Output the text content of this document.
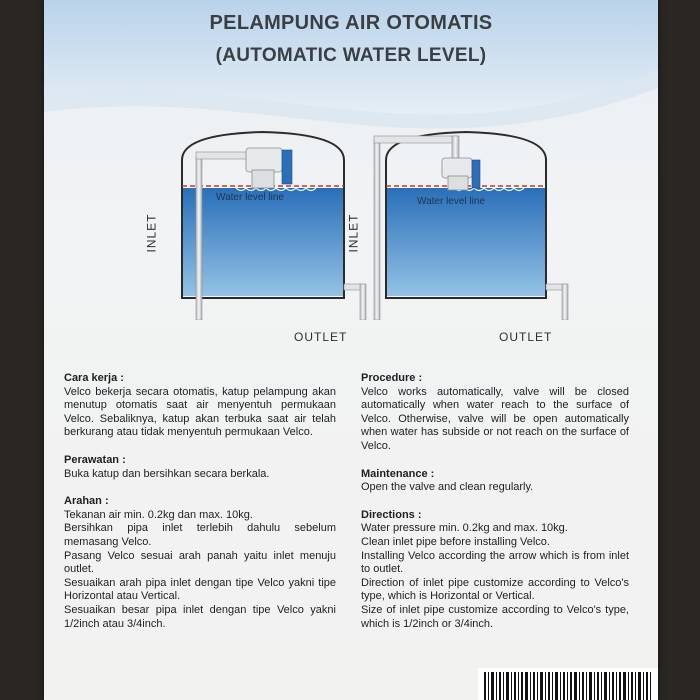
PELAMPUNG AIR OTOMATIS
(AUTOMATIC WATER LEVEL)
Water level line
INLET
OUTLET
Water level line
INLET
OUTLET

Cara kerja :

Velco bekerja secara otomatis, katup pelampung akan menutup otomatis saat air menyentuh permukaan Velco. Sebaliknya, katup akan terbuka saat air telah berkurang atau tidak menyentuh permukaan Velco.

Perawatan :

Buka katup dan bersihkan secara berkala.

Arahan :

Tekanan air min. 0.2kg dan max. 10kg.

Bersihkan pipa inlet terlebih dahulu sebelum memasang Velco.

Pasang Velco sesuai arah panah yaitu inlet menuju outlet.

Sesuaikan arah pipa inlet dengan tipe Velco yakni tipe Horizontal atau Vertical.

Sesuaikan besar pipa inlet dengan tipe Velco yakni 1/2inch atau 3/4inch.

Procedure :

Velco works automatically, valve will be closed automatically when water reach to the surface of Velco. Otherwise, valve will be open automatically when water has subside or not reach on the surface of Velco.

Maintenance :

Open the valve and clean regularly.

Directions :

Water pressure min. 0.2kg and max. 10kg.

Clean inlet pipe before installing Velco.

Installing Velco according the arrow which is from inlet to outlet.

Direction of inlet pipe customize according to Velco's type, which is Horizontal or Vertical.

Size of inlet pipe customize according to Velco's type, which is 1/2inch or 3/4inch.
